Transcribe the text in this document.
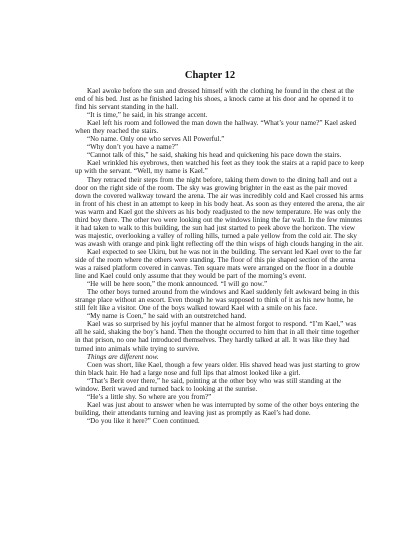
Chapter 12

Kael awoke before the sun and dressed himself with the clothing he found in the chest at the end of his bed. Just as he finished lacing his shoes, a knock came at his door and he opened it to find his servant standing in the hall.

“It is time,” he said, in his strange accent.

Kael left his room and followed the man down the hallway. “What’s your name?” Kael asked when they reached the stairs.

“No name. Only one who serves All Powerful.”

“Why don’t you have a name?”

“Cannot talk of this,” he said, shaking his head and quickening his pace down the stairs.

Kael wrinkled his eyebrows, then watched his feet as they took the stairs at a rapid pace to keep up with the servant. “Well, my name is Kael.”

They retraced their steps from the night before, taking them down to the dining hall and out a door on the right side of the room. The sky was growing brighter in the east as the pair moved down the covered walkway toward the arena. The air was incredibly cold and Kael crossed his arms in front of his chest in an attempt to keep in his body heat. As soon as they entered the arena, the air was warm and Kael got the shivers as his body readjusted to the new temperature. He was only the third boy there. The other two were looking out the windows lining the far wall. In the few minutes it had taken to walk to this building, the sun had just started to peek above the horizon. The view was majestic, overlooking a valley of rolling hills, turned a pale yellow from the cold air. The sky was awash with orange and pink light reflecting off the thin wisps of high clouds hanging in the air.

Kael expected to see Ukiru, but he was not in the building. The servant led Kael over to the far side of the room where the others were standing. The floor of this pie shaped section of the arena was a raised platform covered in canvas. Ten square mats were arranged on the floor in a double line and Kael could only assume that they would be part of the morning’s event.

“He will be here soon,” the monk announced. “I will go now.”

The other boys turned around from the windows and Kael suddenly felt awkward being in this strange place without an escort. Even though he was supposed to think of it as his new home, he still felt like a visitor. One of the boys walked toward Kael with a smile on his face.

“My name is Coen,” he said with an outstretched hand.

Kael was so surprised by his joyful manner that he almost forgot to respond. “I’m Kael,” was all he said, shaking the boy’s hand. Then the thought occurred to him that in all their time together in that prison, no one had introduced themselves. They hardly talked at all. It was like they had turned into animals while trying to survive.

Things are different now.

Coen was short, like Kael, though a few years older. His shaved head was just starting to grow thin black hair. He had a large nose and full lips that almost looked like a girl.

“That’s Berit over there,” he said, pointing at the other boy who was still standing at the window. Berit waved and turned back to looking at the sunrise.

“He’s a little shy. So where are you from?”

Kael was just about to answer when he was interrupted by some of the other boys entering the building, their attendants turning and leaving just as promptly as Kael’s had done.

“Do you like it here?” Coen continued.
